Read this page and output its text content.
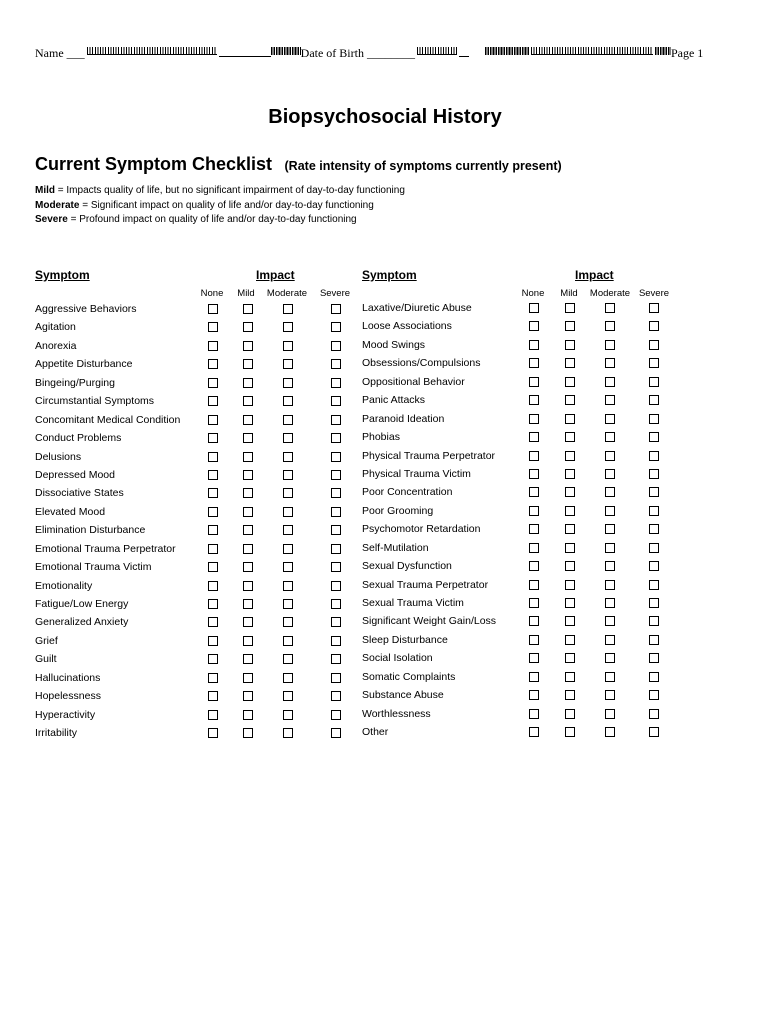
Name ___	Date of Birth ________	Page 1
Biopsychosocial History
Current Symptom Checklist (Rate intensity of symptoms currently present)
Mild = Impacts quality of life, but no significant impairment of day-to-day functioning
Moderate = Significant impact on quality of life and/or day-to-day functioning
Severe = Profound impact on quality of life and/or day-to-day functioning
Symptom	Impact
None	Mild	Moderate	Severe
Symptom	Impact
None	Mild	Moderate Severe
Aggressive Behaviors
Agitation
Anorexia
Appetite Disturbance
Bingeing/Purging
Circumstantial Symptoms
Concomitant Medical Condition
Conduct Problems
Delusions
Depressed Mood
Dissociative States
Elevated Mood
Elimination Disturbance
Emotional Trauma Perpetrator
Emotional Trauma Victim
Emotionality
Fatigue/Low Energy
Generalized Anxiety
Grief
Guilt
Hallucinations
Hopelessness
Hyperactivity
Irritability
Laxative/Diuretic Abuse
Loose Associations
Mood Swings
Obsessions/Compulsions
Oppositional Behavior
Panic Attacks
Paranoid Ideation
Phobias
Physical Trauma Perpetrator
Physical Trauma Victim
Poor Concentration
Poor Grooming
Psychomotor Retardation
Self-Mutilation
Sexual Dysfunction
Sexual Trauma Perpetrator
Sexual Trauma Victim
Significant Weight Gain/Loss
Sleep Disturbance
Social Isolation
Somatic Complaints
Substance Abuse
Worthlessness
Other
